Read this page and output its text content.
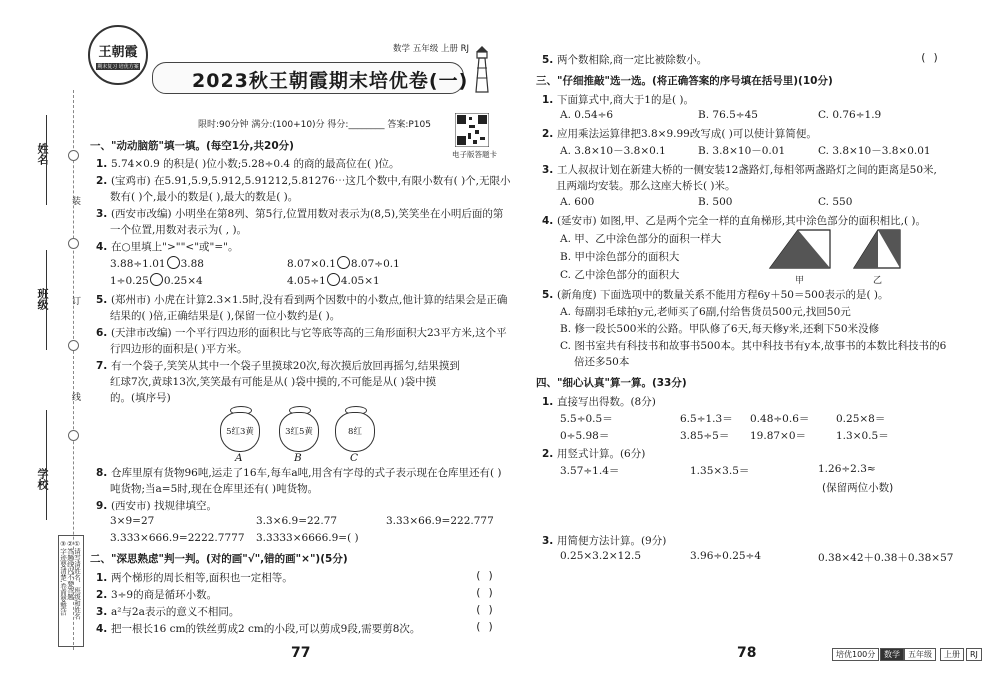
姓名
班级
学校
装
订
线
①请写清姓名、班级和姓名
②答题线内不要答题
③字迹要清楚,卷面要整洁
王朝霞
期末复习 培优方案
数学 五年级 上册 RJ
2023秋王朝霞期末培优卷(一)
限时:90分钟 满分:(100+10)分 得分:________ 答案:P105
电子版答题卡
一、"动动脑筋"填一填。(每空1分,共20分)
1. 5.74×0.9 的积是( )位小数;5.28÷0.4 的商的最高位在( )位。
2. (宝鸡市) 在5.91,5.9,5.912,5.91212,5.81276⋯这几个数中,有限小数有( )个,无限小
数有( )个,最小的数是( ),最大的数是( )。
3. (西安市改编) 小明坐在第8列、第5行,位置用数对表示为(8,5),笑笑坐在小明后面的第
一个位置,用数对表示为( , )。
4. 在○里填上">""<"或"="。
3.88÷1.01 3.88	8.07×0.1 8.07÷0.1
1÷0.25 0.25×4	4.05÷1 4.05×1
5. (郑州市) 小虎在计算2.3×1.5时,没有看到两个因数中的小数点,他计算的结果会是正确
结果的( )倍,正确结果是( ),保留一位小数约是( )。
6. (天津市改编) 一个平行四边形的面积比与它等底等高的三角形面积大23平方米,这个平
行四边形的面积是( )平方米。
7. 有一个袋子,笑笑从其中一个袋子里摸球20次,每次摸后放回再摇匀,结果摸到
红球7次,黄球13次,笑笑最有可能是从( )袋中摸的,不可能是从( )袋中摸
的。(填序号)
5红3黄
A
3红5黄
B
8红
C
8. 仓库里原有货物96吨,运走了16车,每车a吨,用含有字母的式子表示现在仓库里还有( )
吨货物;当a=5时,现在仓库里还有( )吨货物。
9. (西安市) 找规律填空。
3×9=27	3.3×6.9=22.77	3.33×66.9=222.777
3.333×666.9=2222.7777 3.3333×6666.9=( )
二、"深思熟虑"判一判。(对的画"√",错的画"×")(5分)
1. 两个梯形的周长相等,面积也一定相等。	( )
2. 3÷9的商是循环小数。	( )
3. a²与2a表示的意义不相同。	( )
4. 把一根长16 cm的铁丝剪成2 cm的小段,可以剪成9段,需要剪8次。	( )
77
5. 两个数相除,商一定比被除数小。	( )
三、"仔细推敲"选一选。(将正确答案的序号填在括号里)(10分)
1. 下面算式中,商大于1的是( )。
A. 0.54÷6	B. 76.5÷45	C. 0.76÷1.9
2. 应用乘法运算律把3.8×9.99改写成( )可以使计算简便。
A. 3.8×10－3.8×0.1	B. 3.8×10－0.01	C. 3.8×10－3.8×0.01
3. 工人叔叔计划在新建大桥的一侧安装12盏路灯,每相邻两盏路灯之间的距离是50米,
且两端均安装。那么这座大桥长( )米。
A. 600	B. 500	C. 550
4. (延安市) 如图,甲、乙是两个完全一样的直角梯形,其中涂色部分的面积相比,( )。
A. 甲、乙中涂色部分的面积一样大
B. 甲中涂色部分的面积大
C. 乙中涂色部分的面积大	甲	乙
5. (新角度) 下面选项中的数量关系不能用方程6y＋50＝500表示的是( )。
A. 每副羽毛球拍y元,老师买了6副,付给售货员500元,找回50元
B. 修一段长500米的公路。甲队修了6天,每天修y米,还剩下50米没修
C. 图书室共有科技书和故事书500本。其中科技书有y本,故事书的本数比科技书的6
倍还多50本
四、"细心认真"算一算。(33分)
1. 直接写出得数。(8分)
5.5÷0.5＝	6.5÷1.3＝ 0.48÷0.6＝	0.25×8＝
0÷5.98＝	3.85÷5＝ 19.87×0＝	1.3×0.5＝
2. 用竖式计算。(6分)
3.57÷1.4＝	1.35×3.5＝	1.26÷2.3≈
(保留两位小数)
3. 用简便方法计算。(9分)
0.25×3.2×12.5	3.96÷0.25÷4	0.38×42＋0.38＋0.38×57
78	培优100分	数学	五年级	上册	RJ
